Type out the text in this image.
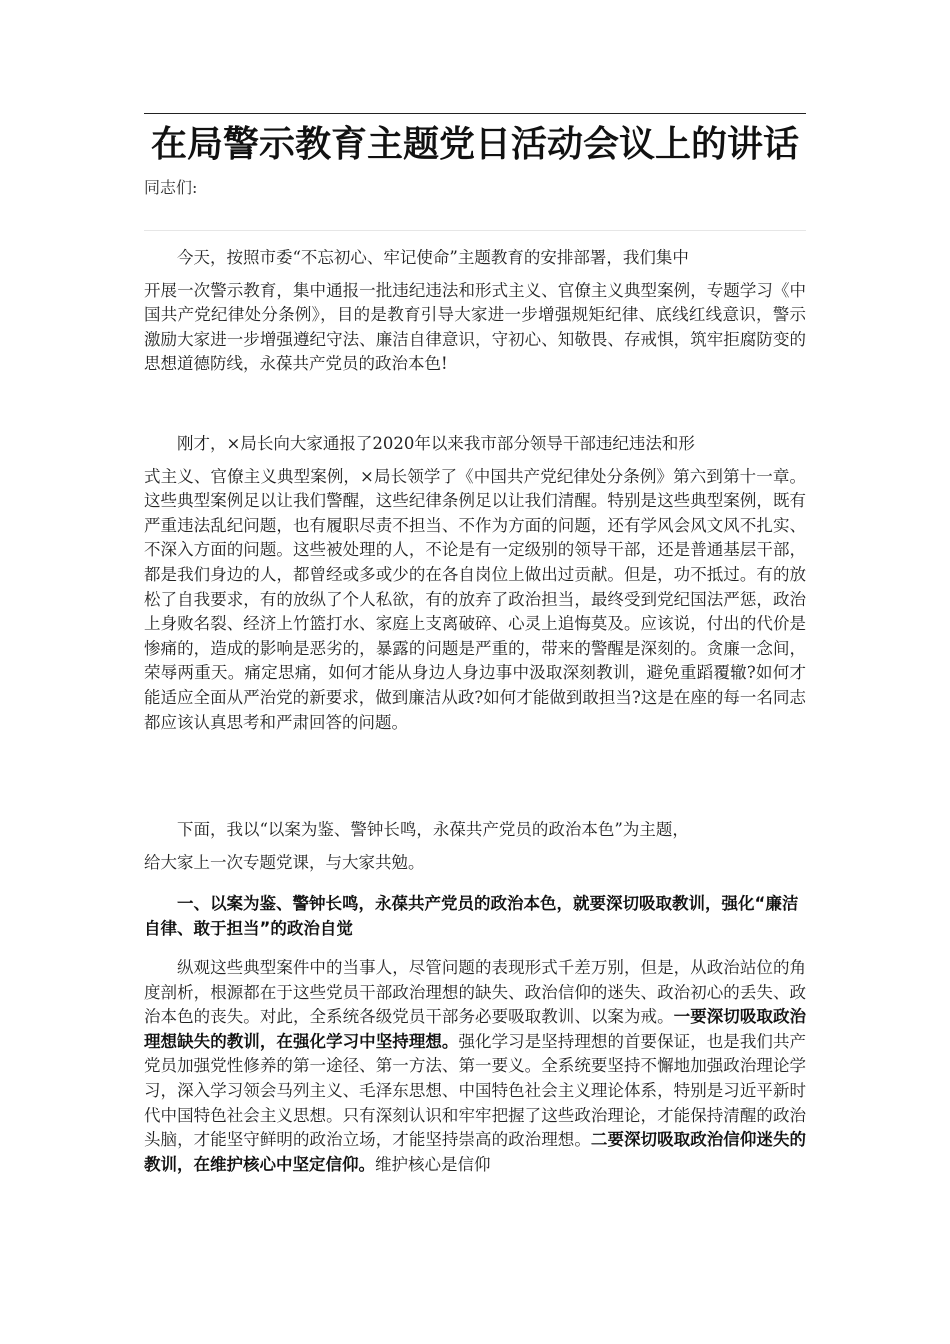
在局警示教育主题党日活动会议上的讲话
同志们:

今天，按照市委“不忘初心、牢记使命”主题教育的安排部署，我们集中
开展一次警示教育，集中通报一批违纪违法和形式主义、官僚主义典型案例，专题学习《中国共产党纪律处分条例》，目的是教育引导大家进一步增强规矩纪律、底线红线意识，警示激励大家进一步增强遵纪守法、廉洁自律意识，守初心、知敬畏、存戒惧，筑牢拒腐防变的思想道德防线，永葆共产党员的政治本色!

刚才，×局长向大家通报了2020年以来我市部分领导干部违纪违法和形
式主义、官僚主义典型案例，×局长领学了《中国共产党纪律处分条例》第六到第十一章。这些典型案例足以让我们警醒，这些纪律条例足以让我们清醒。特别是这些典型案例，既有严重违法乱纪问题，也有履职尽责不担当、不作为方面的问题，还有学风会风文风不扎实、不深入方面的问题。这些被处理的人，不论是有一定级别的领导干部，还是普通基层干部，都是我们身边的人，都曾经或多或少的在各自岗位上做出过贡献。但是，功不抵过。有的放松了自我要求，有的放纵了个人私欲，有的放弃了政治担当，最终受到党纪国法严惩，政治上身败名裂、经济上竹篮打水、家庭上支离破碎、心灵上追悔莫及。应该说，付出的代价是惨痛的，造成的影响是恶劣的，暴露的问题是严重的，带来的警醒是深刻的。贪廉一念间，荣辱两重天。痛定思痛，如何才能从身边人身边事中汲取深刻教训，避免重蹈覆辙?如何才能适应全面从严治党的新要求，做到廉洁从政?如何才能做到敢担当?这是在座的每一名同志都应该认真思考和严肃回答的问题。

下面，我以“以案为鉴、警钟长鸣，永葆共产党员的政治本色”为主题，
给大家上一次专题党课，与大家共勉。

一、以案为鉴、警钟长鸣，永葆共产党员的政治本色，就要深切吸取教训，强化“廉洁自律、敢于担当”的政治自觉

纵观这些典型案件中的当事人，尽管问题的表现形式千差万别，但是，从政治站位的角度剖析，根源都在于这些党员干部政治理想的缺失、政治信仰的迷失、政治初心的丢失、政治本色的丧失。对此，全系统各级党员干部务必要吸取教训、以案为戒。一要深切吸取政治理想缺失的教训，在强化学习中坚持理想。强化学习是坚持理想的首要保证，也是我们共产党员加强党性修养的第一途径、第一方法、第一要义。全系统要坚持不懈地加强政治理论学习，深入学习领会马列主义、毛泽东思想、中国特色社会主义理论体系，特别是习近平新时代中国特色社会主义思想。只有深刻认识和牢牢把握了这些政治理论，才能保持清醒的政治头脑，才能坚守鲜明的政治立场，才能坚持崇高的政治理想。二要深切吸取政治信仰迷失的教训，在维护核心中坚定信仰。维护核心是信仰
